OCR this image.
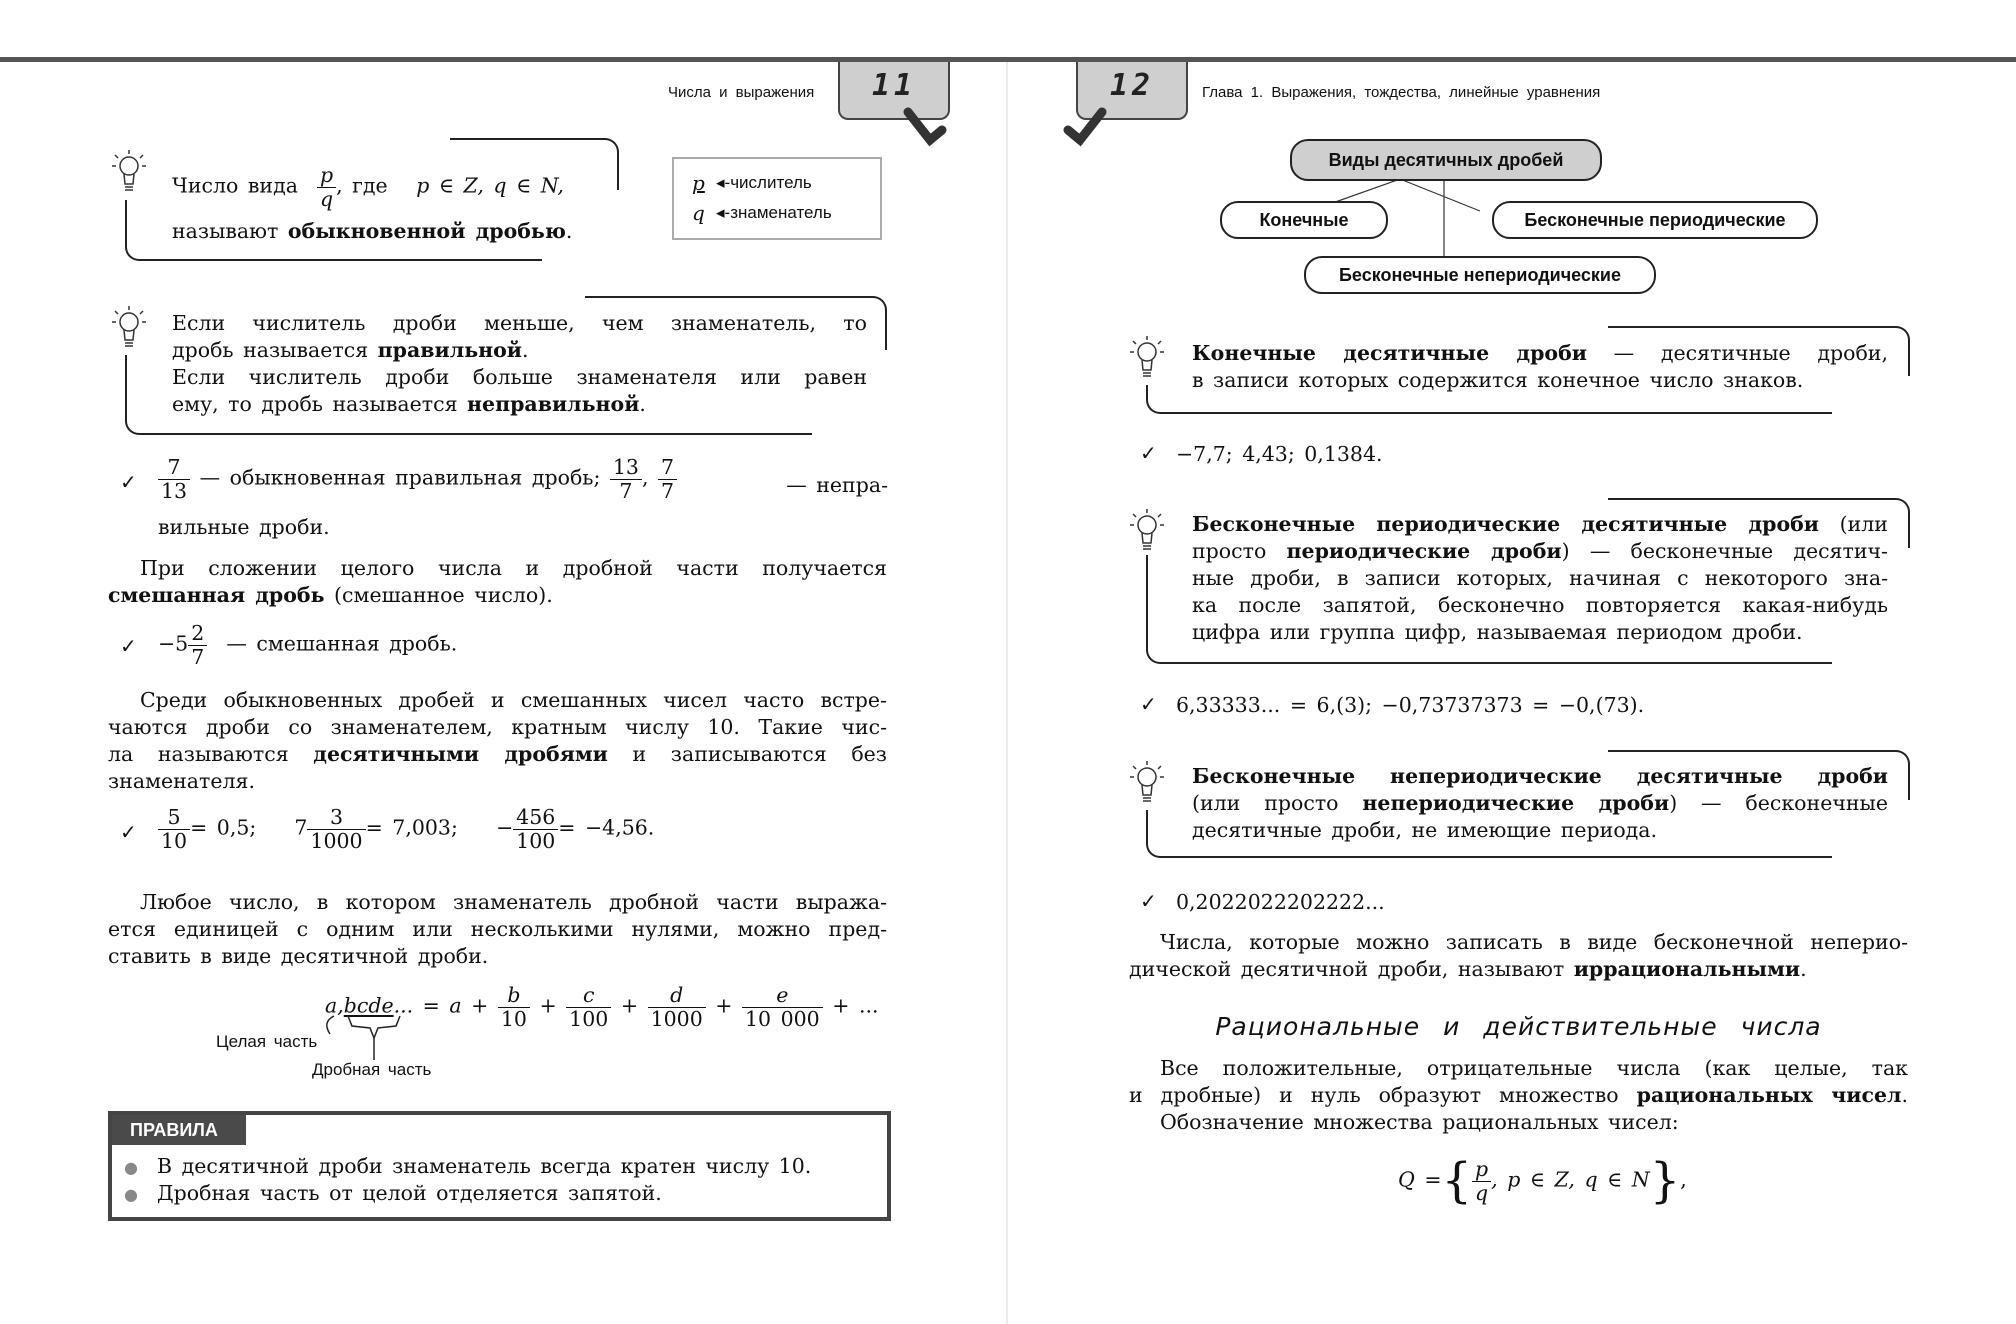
Числа и выражения	11
Число вида $\frac{p}{q}$ , где p ∈ Z, q ∈ N,
называют обыкновенной дробью.
p ◂-числитель
q ◂-знаменатель
Если числитель дроби меньше, чем знаменатель, то
дробь называется правильной.
Если числитель дроби больше знаменателя или равен
ему, то дробь называется неправильной.
✓ $\frac{7}{13}$ — обыкновенная правильная дробь; $\frac{13}{7}$ , $\frac{7}{7}$	— непра-
вильные дроби.
При сложении целого числа и дробной части получается
смешанная дробь (смешанное число).
✓ $-5 \frac{2}{7}$ — смешанная дробь.
Среди обыкновенных дробей и смешанных чисел часто встре-
чаются дроби со знаменателем, кратным числу 10. Такие чис-
ла называются десятичными дробями и записываются без
знаменателя.
✓ $\frac{5}{10} = 0,5$; $7 \frac{3}{1000} = 7,003$; − $\frac{456}{100} = -4,56$.
Любое число, в котором знаменатель дробной части выража-
ется единицей с одним или несколькими нулями, можно пред-
ставить в виде десятичной дроби.
a,bcde... = $a + \frac{b}{10} + \frac{c}{100} + \frac{d}{1000} + \frac{e}{10 000}$ + ...
Целая часть
Дробная часть
ПРАВИЛА
● В десятичной дроби знаменатель всегда кратен числу 10.
● Дробная часть от целой отделяется запятой.
12	Глава 1. Выражения, тождества, линейные уравнения
Виды десятичных дробей
Конечные	Бесконечные периодические
Бесконечные непериодические
Конечные десятичные дроби — десятичные дроби,
в записи которых содержится конечное число знаков.
✓ −7,7; 4,43; 0,1384.
Бесконечные периодические десятичные дроби (или
просто периодические дроби) — бесконечные десятич-
ные дроби, в записи которых, начиная с некоторого зна-
ка после запятой, бесконечно повторяется какая-нибудь
цифра или группа цифр, называемая периодом дроби.
✓ 6,33333... = 6,(3); −0,73737373 = −0,(73).
Бесконечные непериодические десятичные дроби
(или просто непериодические дроби) — бесконечные
десятичные дроби, не имеющие периода.
✓ 0,2022022202222...
Числа, которые можно записать в виде бесконечной неперио-
дической десятичной дроби, называют иррациональными.
Рациональные и действительные числа
Все положительные, отрицательные числа (как целые, так
и дробные) и нуль образуют множество рациональных чисел.
Обозначение множества рациональных чисел:
Q ={ $\frac{p}{q}$ , p ∈ Z, q ∈ N},
